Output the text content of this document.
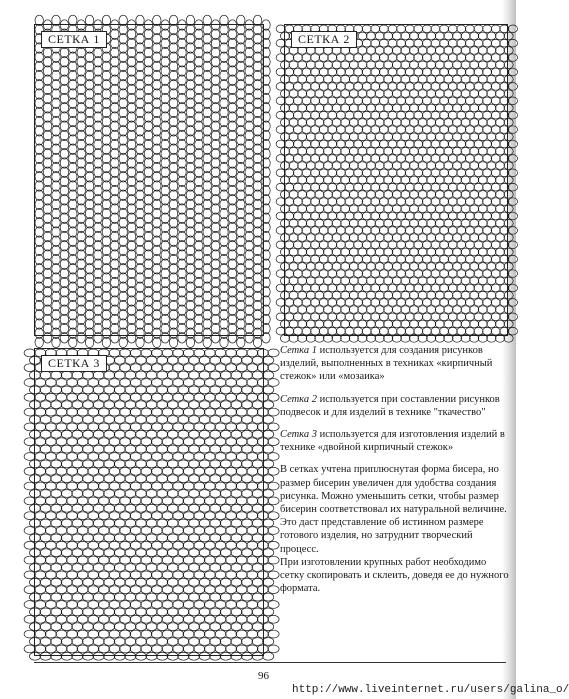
СЕТКА 1	СЕТКА 2
СЕТКА 3

Сетка 1 используется для создания рисунков изделий, выполненных в техниках «кирпичный стежок» или «мозаика»

Сетка 2 используется при составлении рисунков подвесок и для изделий в технике "ткачество"

Сетка 3 используется для изготовления изделий в технике «двойной кирпичный стежок»

В сетках учтена приплюснутая форма бисера, но размер бисерин увеличен для удобства создания рисунка. Можно уменьшить сетки, чтобы размер бисерин соответствовал их натуральной величине. Это даст представление об истинном размере готового изделия, но затруднит творческий процесс.

При изготовлении крупных работ необходимо сетку скопировать и склеить, доведя ее до нужного формата.

96
http://www.liveinternet.ru/users/galina_o/
